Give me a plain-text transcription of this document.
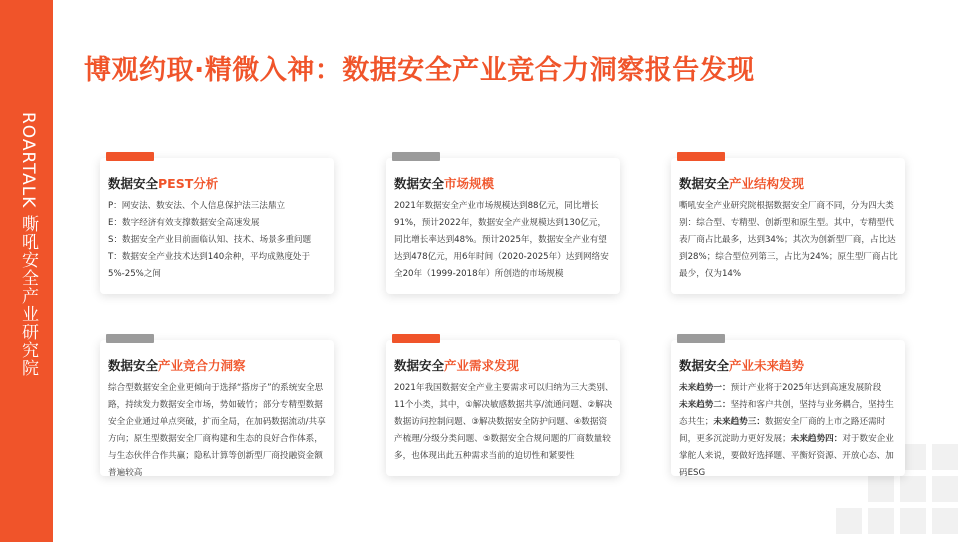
ROARTALK 嘶吼安全产业研究院
博观约取·精微入神：数据安全产业竞合力洞察报告发现
数据安全PEST分析

P：网安法、数安法、个人信息保护法三法鼎立

E：数字经济有效支撑数据安全高速发展

S：数据安全产业目前面临认知、技术、场景多重问题

T：数据安全产业技术达到140余种，平均成熟度处于5%-25%之间

数据安全市场规模
2021年数据安全产业市场规模达到88亿元，同比增长91%，预计2022年，数据安全产业规模达到130亿元，同比增长率达到48%。预计2025年，数据安全产业有望达到478亿元，用6年时间（2020-2025年）达到网络安全20年（1999-2018年）所创造的市场规模
数据安全产业结构发现
嘶吼安全产业研究院根据数据安全厂商不同，分为四大类别：综合型、专精型、创新型和原生型。其中，专精型代表厂商占比最多，达到34%；其次为创新型厂商，占比达到28%；综合型位列第三，占比为24%；原生型厂商占比最少，仅为14%
数据安全产业竞合力洞察
综合型数据安全企业更倾向于选择“搭房子”的系统安全思路，持续发力数据安全市场，势如破竹；部分专精型数据安全企业通过单点突破，扩而全局，在加码数据流动/共享方向；原生型数据安全厂商构建和生态的良好合作体系，与生态伙伴合作共赢；隐私计算等创新型厂商投融资金额普遍较高
数据安全产业需求发现
2021年我国数据安全产业主要需求可以归纳为三大类别、11个小类，其中，①解决敏感数据共享/流通问题、②解决数据访问控制问题、③解决数据安全防护问题、④数据资产梳理/分级分类问题、⑤数据安全合规问题的厂商数量较多，也体现出此五种需求当前的迫切性和紧要性
数据安全产业未来趋势

未来趋势一：预计产业将于2025年达到高速发展阶段

未来趋势二：坚持和客户共创，坚持与业务耦合，坚持生态共生；未来趋势三：数据安全厂商的上市之路还需时间，更多沉淀助力更好发展；未来趋势四：对于数安企业掌舵人来说，要做好选择题、平衡好资源、开放心态、加码ESG
